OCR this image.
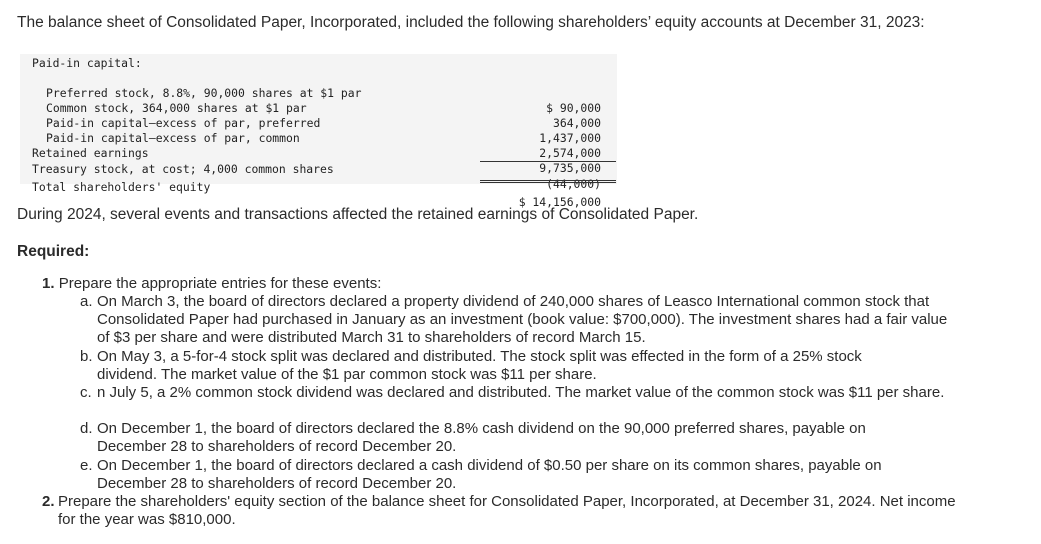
The balance sheet of Consolidated Paper, Incorporated, included the following shareholders’ equity accounts at December 31, 2023:
Paid-in capital:

Preferred stock, 8.8%, 90,000 shares at $1 par

$ 90,000

Common stock, 364,000 shares at $1 par

364,000

Paid-in capital—excess of par, preferred

1,437,000

Paid-in capital—excess of par, common

2,574,000

Retained earnings

9,735,000

Treasury stock, at cost; 4,000 common shares

(44,000)

Total shareholders' equity

$ 14,156,000

During 2024, several events and transactions affected the retained earnings of Consolidated Paper.
Required:
1. Prepare the appropriate entries for these events:
a. On March 3, the board of directors declared a property dividend of 240,000 shares of Leasco International common stock that Consolidated Paper had purchased in January as an investment (book value: $700,000). The investment shares had a fair value of $3 per share and were distributed March 31 to shareholders of record March 15.
b. On May 3, a 5-for-4 stock split was declared and distributed. The stock split was effected in the form of a 25% stock dividend. The market value of the $1 par common stock was $11 per share.
c. n July 5, a 2% common stock dividend was declared and distributed. The market value of the common stock was $11 per share.
d. On December 1, the board of directors declared the 8.8% cash dividend on the 90,000 preferred shares, payable on December 28 to shareholders of record December 20.
e. On December 1, the board of directors declared a cash dividend of $0.50 per share on its common shares, payable on December 28 to shareholders of record December 20.
2. Prepare the shareholders' equity section of the balance sheet for Consolidated Paper, Incorporated, at December 31, 2024. Net income for the year was $810,000.
